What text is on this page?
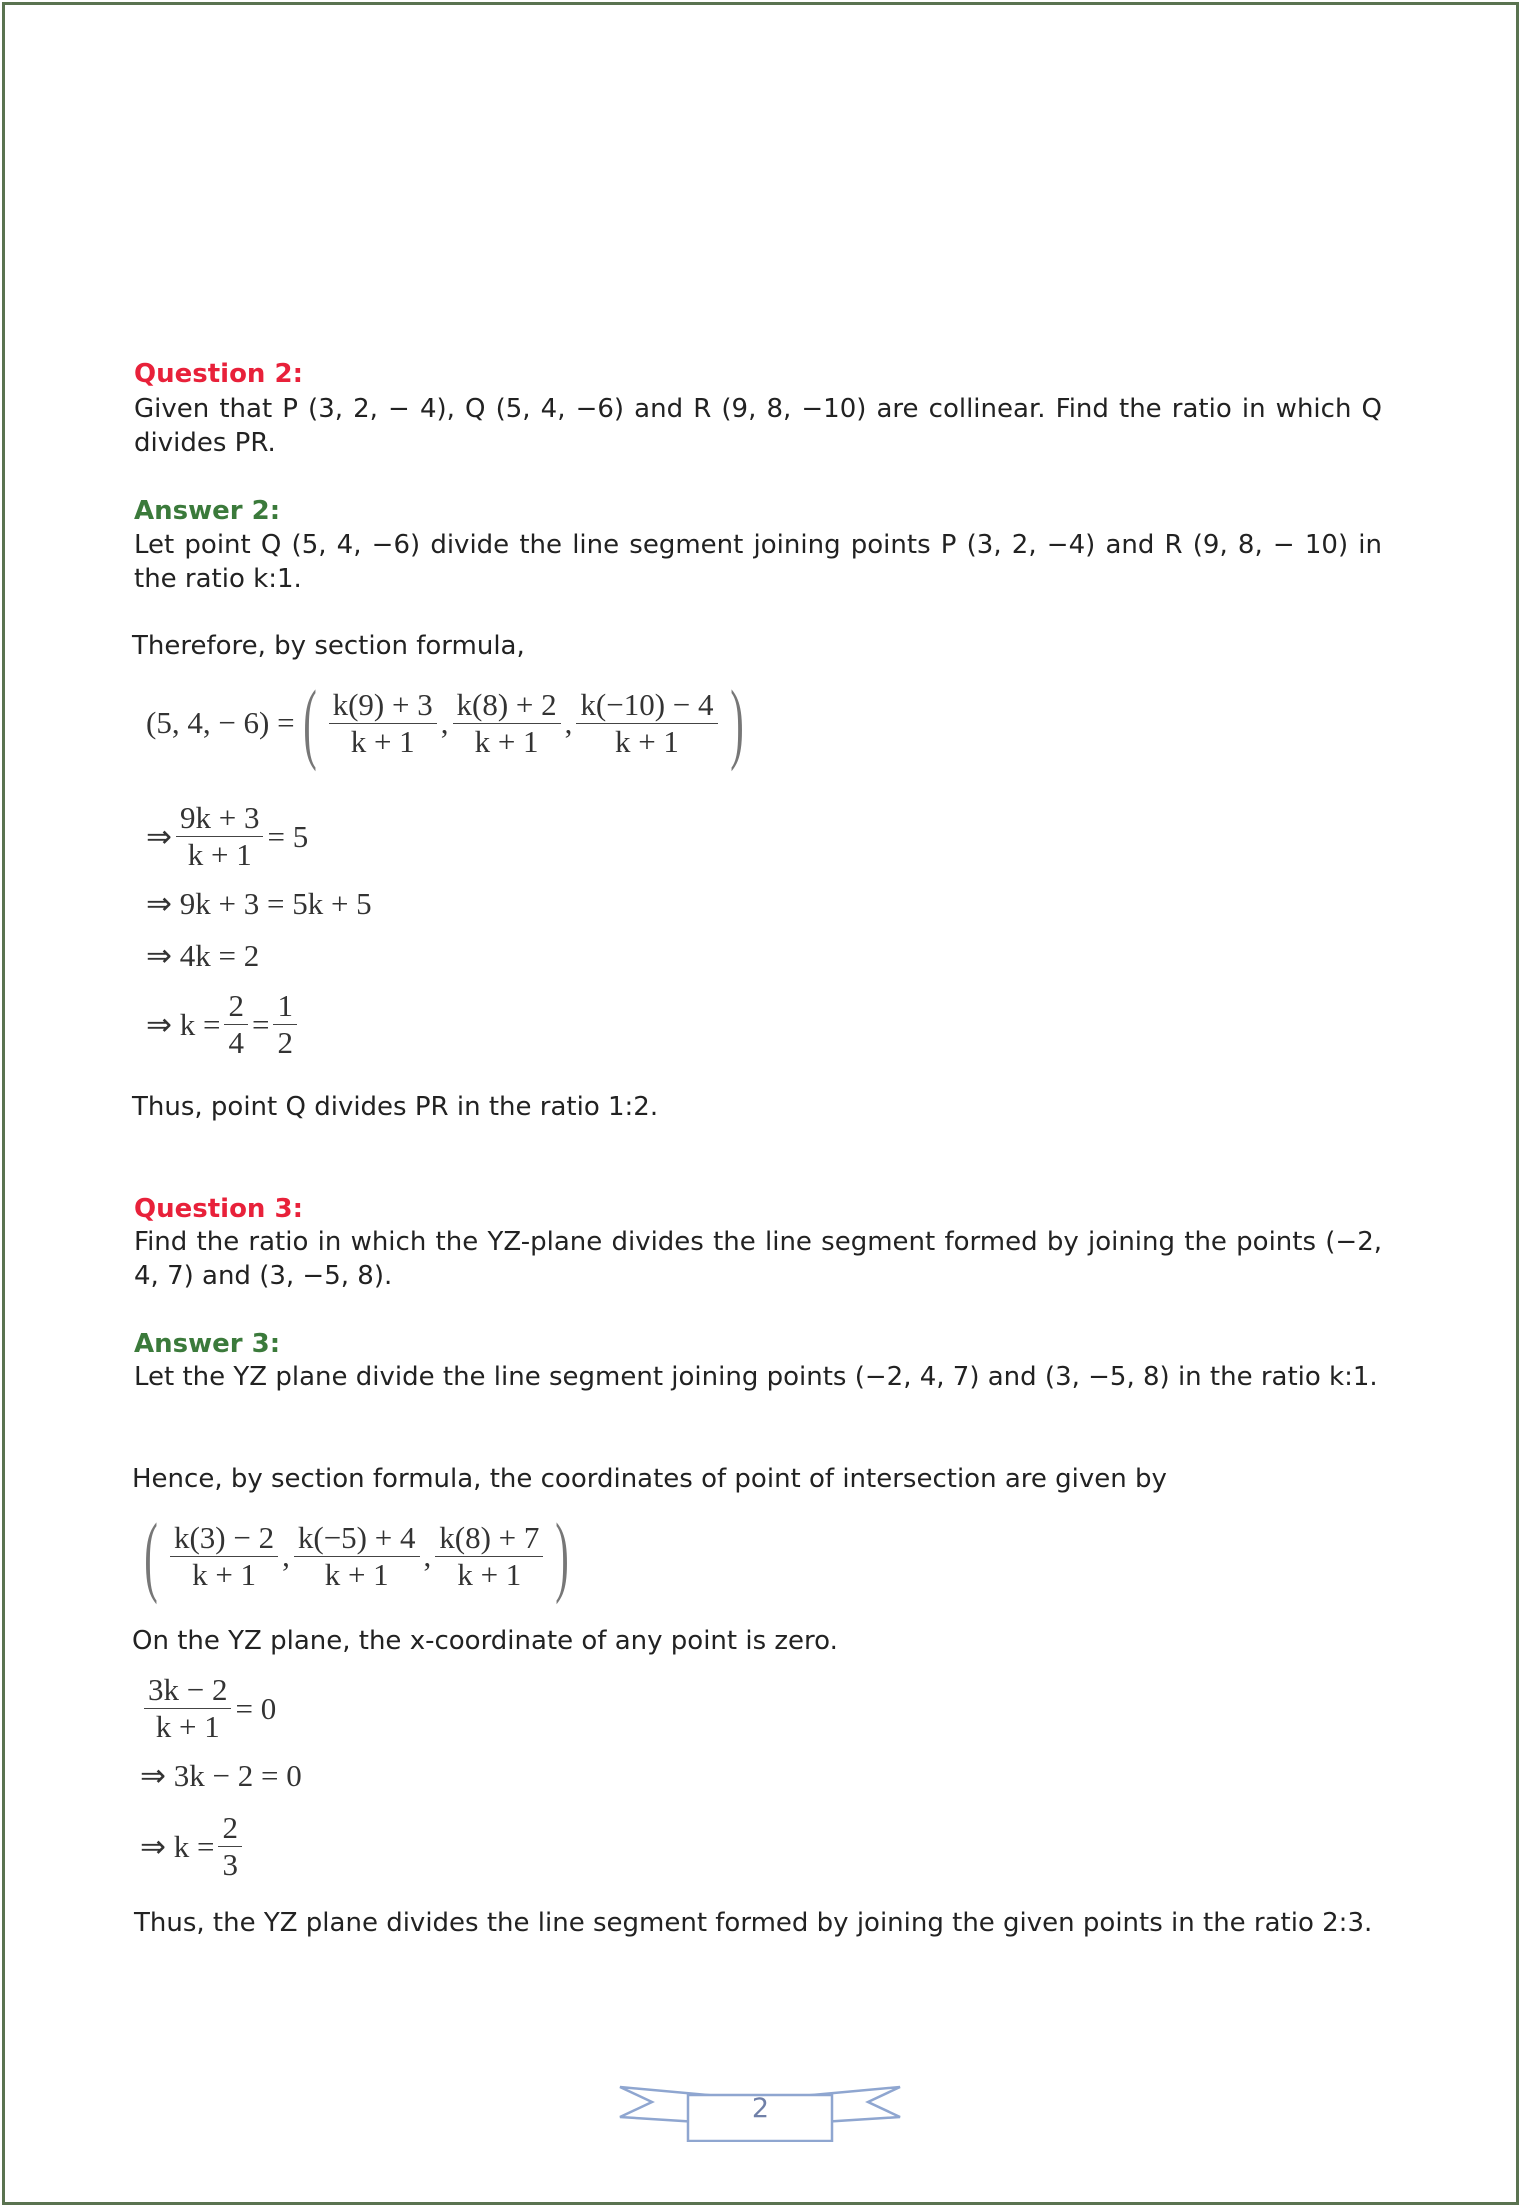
Question 2:
Given that P (3, 2, − 4), Q (5, 4, −6) and R (9, 8, −10) are collinear. Find the ratio in which Q divides PR.
Answer 2:
Let point Q (5, 4, −6) divide the line segment joining points P (3, 2, −4) and R (9, 8, − 10) in the ratio k:1.
Therefore, by section formula,
(5, 4, − 6) = ( $\frac{k(9) + 3}{k + 1}$ , $\frac{k(8) + 2}{k + 1}$ , $\frac{k(-10) - 4}{k + 1}$ )
⇒ $\frac{9k + 3}{k + 1} = 5$
⇒ 9k + 3 = 5k + 5
⇒ 4k = 2
⇒ $k = \frac{2}{4} = \frac{1}{2}$
Thus, point Q divides PR in the ratio 1:2.
Question 3:
Find the ratio in which the YZ-plane divides the line segment formed by joining the points (−2, 4, 7) and (3, −5, 8).
Answer 3:
Let the YZ plane divide the line segment joining points (−2, 4, 7) and (3, −5, 8) in the ratio k:1.
Hence, by section formula, the coordinates of point of intersection are given by
( $\frac{k(3) - 2}{k + 1}$ , $\frac{k(-5) + 4}{k + 1}$ , $\frac{k(8) + 7}{k + 1}$ )
On the YZ plane, the x-coordinate of any point is zero.
$\frac{3k - 2}{k + 1} = 0$
⇒ 3k − 2 = 0
⇒ $k = \frac{2}{3}$
Thus, the YZ plane divides the line segment formed by joining the given points in the ratio 2:3.
2
